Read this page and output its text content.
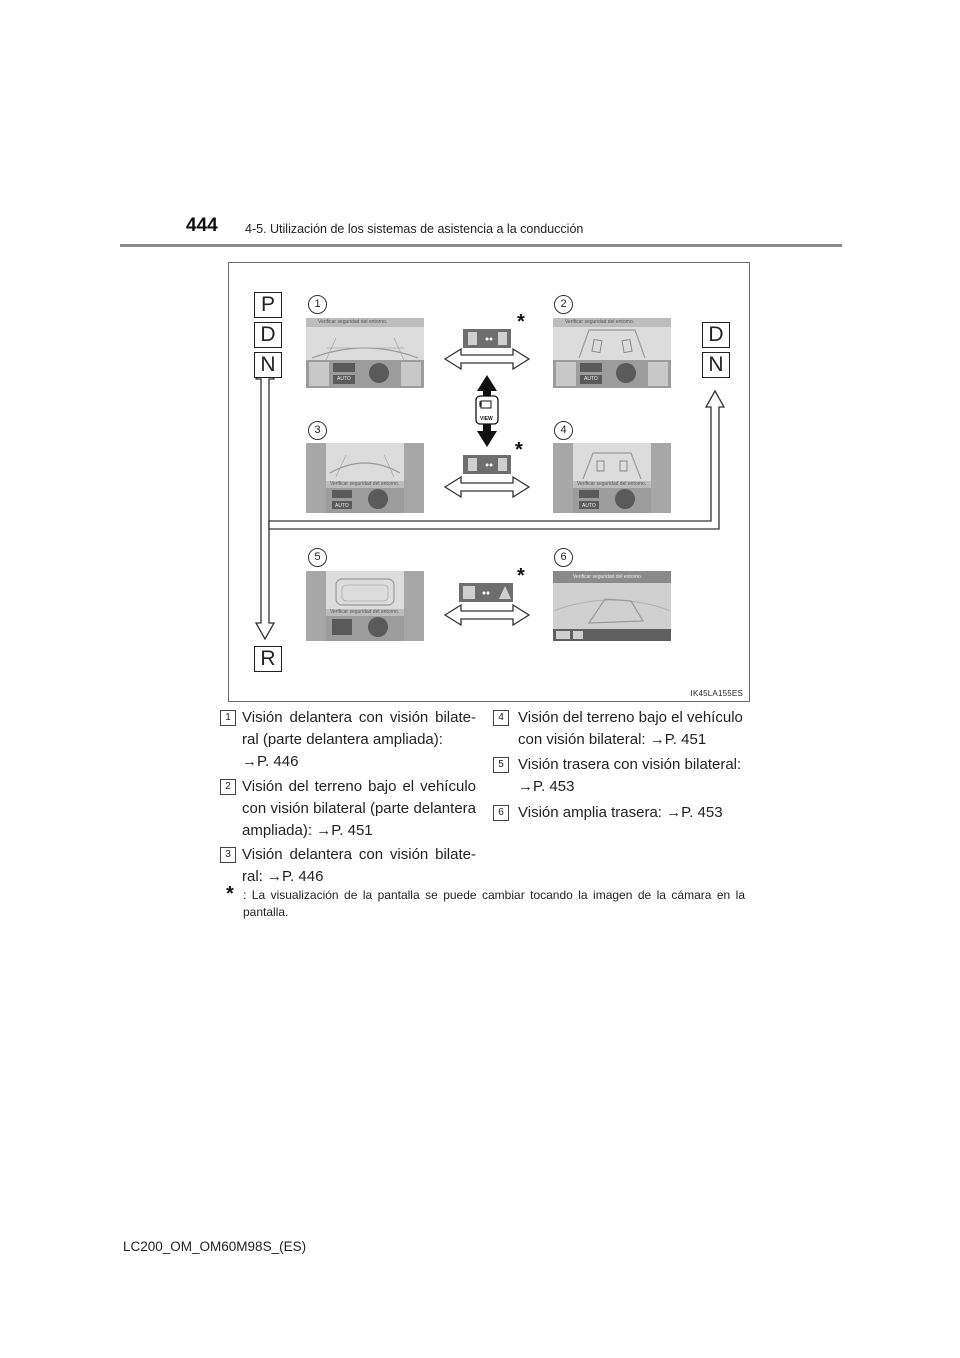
444 4-5. Utilización de los sistemas de asistencia a la conducción
VIEW
P
D
N
D
N
R
1	2
3	4
5	6
*
*
*
Verificar seguridad del entorno.
AUTO
Verificar seguridad del entorno.
AUTO
Verificar seguridad del entorno.
AUTO
Verificar seguridad del entorno.
AUTO
Verificar seguridad del entorno.
Verificar seguridad del entorno.
IK45LA155ES
1 Visión delantera con visión bilate-
ral (parte delantera ampliada):
→P. 446
2 Visión del terreno bajo el vehículo
con visión bilateral (parte delantera
ampliada): →P. 451
3 Visión delantera con visión bilate-
ral: →P. 446
4 Visión del terreno bajo el vehículo
con visión bilateral: →P. 451
5 Visión trasera con visión bilateral:
→P. 453
6 Visión amplia trasera: →P. 453
* : La visualización de la pantalla se puede cambiar tocando la imagen de la cámara en la pantalla.
LC200_OM_OM60M98S_(ES)
